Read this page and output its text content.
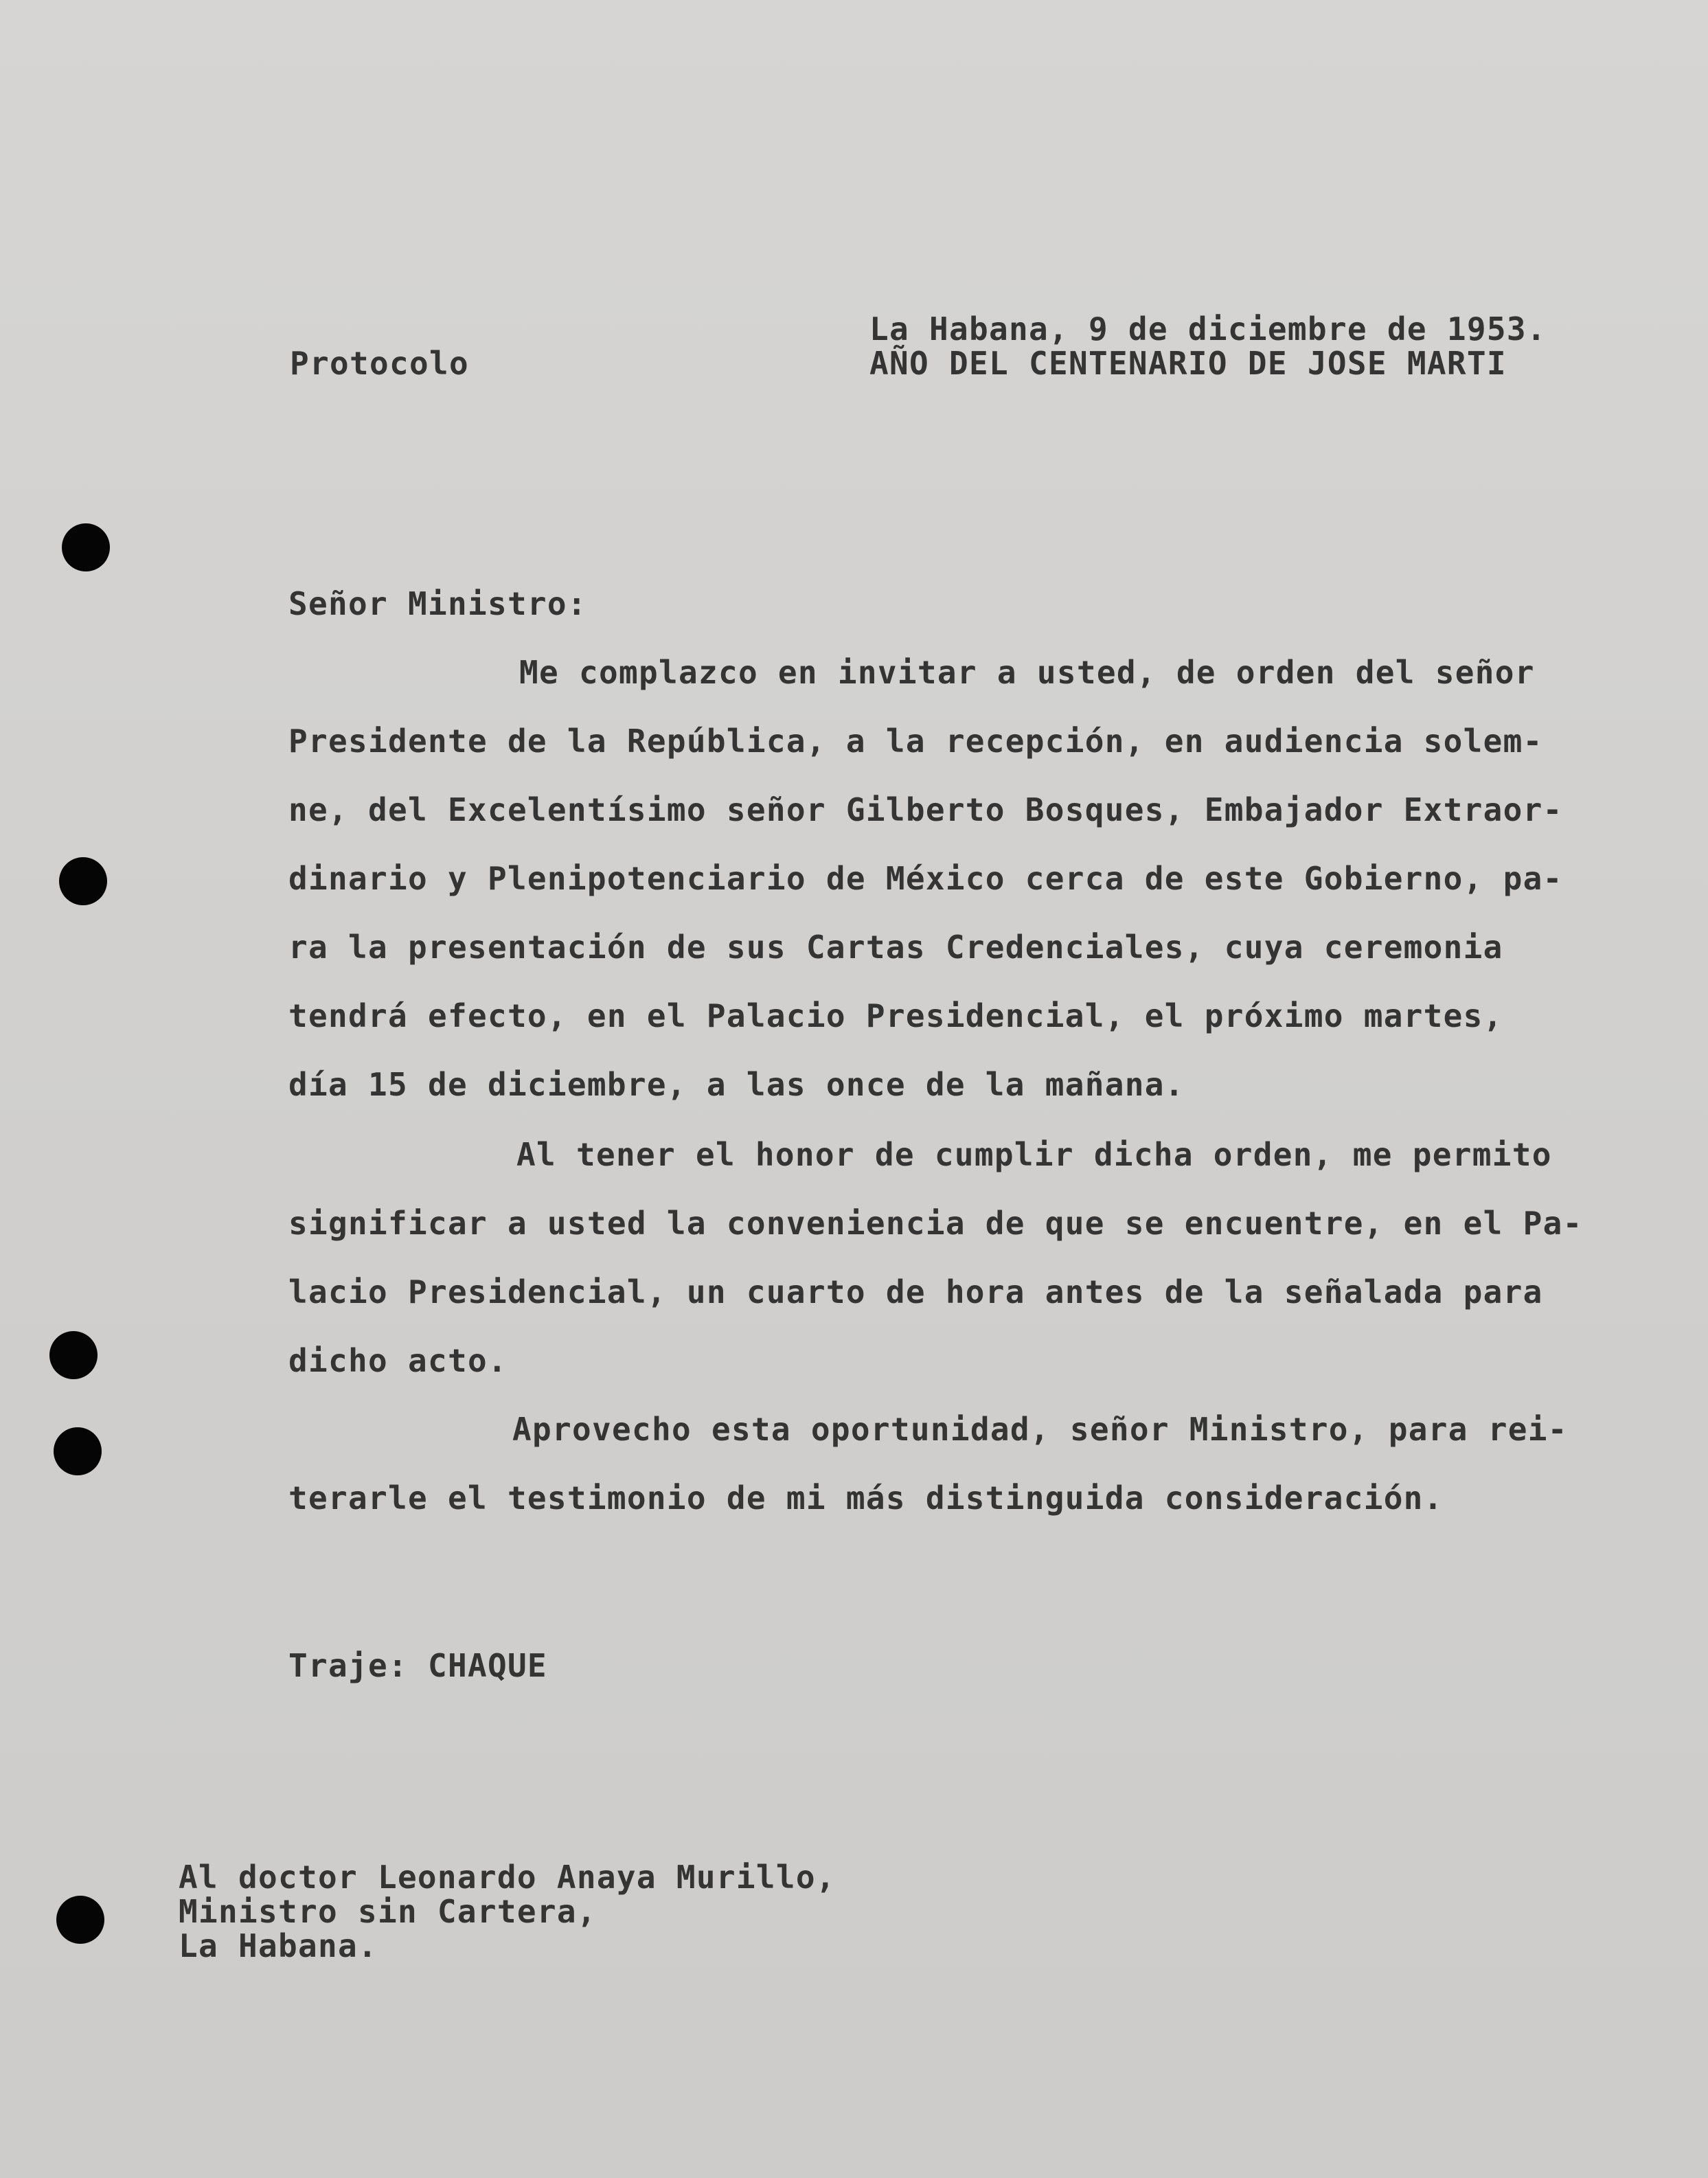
La Habana, 9 de diciembre de 1953.
Protocolo	AÑO DEL CENTENARIO DE JOSE MARTI
Señor Ministro:
Me complazco en invitar a usted, de orden del señor
Presidente de la República, a la recepción, en audiencia solem-
ne, del Excelentísimo señor Gilberto Bosques, Embajador Extraor-
dinario y Plenipotenciario de México cerca de este Gobierno, pa-
ra la presentación de sus Cartas Credenciales, cuya ceremonia
tendrá efecto, en el Palacio Presidencial, el próximo martes,
día 15 de diciembre, a las once de la mañana.
Al tener el honor de cumplir dicha orden, me permito
significar a usted la conveniencia de que se encuentre, en el Pa-
lacio Presidencial, un cuarto de hora antes de la señalada para
dicho acto.
Aprovecho esta oportunidad, señor Ministro, para rei-
terarle el testimonio de mi más distinguida consideración.
Traje: CHAQUE
Al doctor Leonardo Anaya Murillo,
Ministro sin Cartera,
La Habana.
